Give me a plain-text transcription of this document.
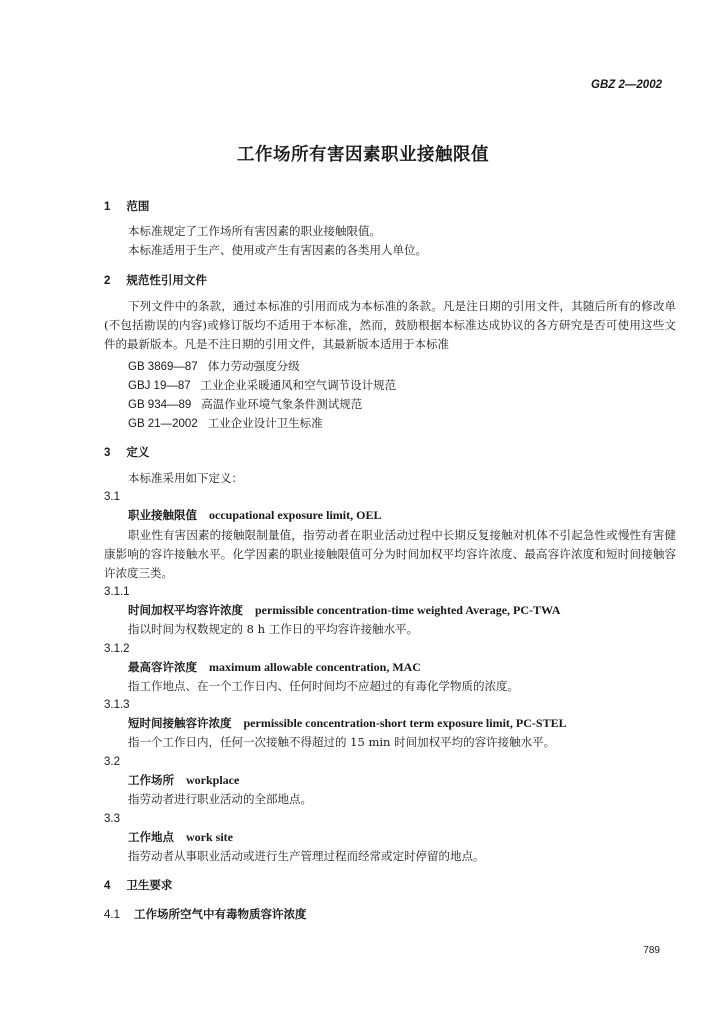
GBZ 2—2002
工作场所有害因素职业接触限值
1 范围
本标准规定了工作场所有害因素的职业接触限值。
本标准适用于生产、使用或产生有害因素的各类用人单位。
2 规范性引用文件
下列文件中的条款，通过本标准的引用而成为本标准的条款。凡是注日期的引用文件，其随后所有的修改单(不包括勘误的内容)或修订版均不适用于本标准，然而，鼓励根据本标准达成协议的各方研究是否可使用这些文件的最新版本。凡是不注日期的引用文件，其最新版本适用于本标准
GB 3869—87 体力劳动强度分级
GBJ 19—87 工业企业采暖通风和空气调节设计规范
GB 934—89 高温作业环境气象条件测试规范
GB 21—2002 工业企业设计卫生标准
3 定义
本标准采用如下定义：
3.1
职业接触限值 occupational exposure limit, OEL
职业性有害因素的接触限制量值，指劳动者在职业活动过程中长期反复接触对机体不引起急性或慢性有害健康影响的容许接触水平。化学因素的职业接触限值可分为时间加权平均容许浓度、最高容许浓度和短时间接触容许浓度三类。
3.1.1
时间加权平均容许浓度 permissible concentration-time weighted Average, PC-TWA
指以时间为权数规定的 8 h 工作日的平均容许接触水平。
3.1.2
最高容许浓度 maximum allowable concentration, MAC
指工作地点、在一个工作日内、任何时间均不应超过的有毒化学物质的浓度。
3.1.3
短时间接触容许浓度 permissible concentration-short term exposure limit, PC-STEL
指一个工作日内，任何一次接触不得超过的 15 min 时间加权平均的容许接触水平。
3.2
工作场所 workplace
指劳动者进行职业活动的全部地点。
3.3
工作地点 work site
指劳动者从事职业活动或进行生产管理过程而经常或定时停留的地点。
4 卫生要求
4.1 工作场所空气中有毒物质容许浓度
789
